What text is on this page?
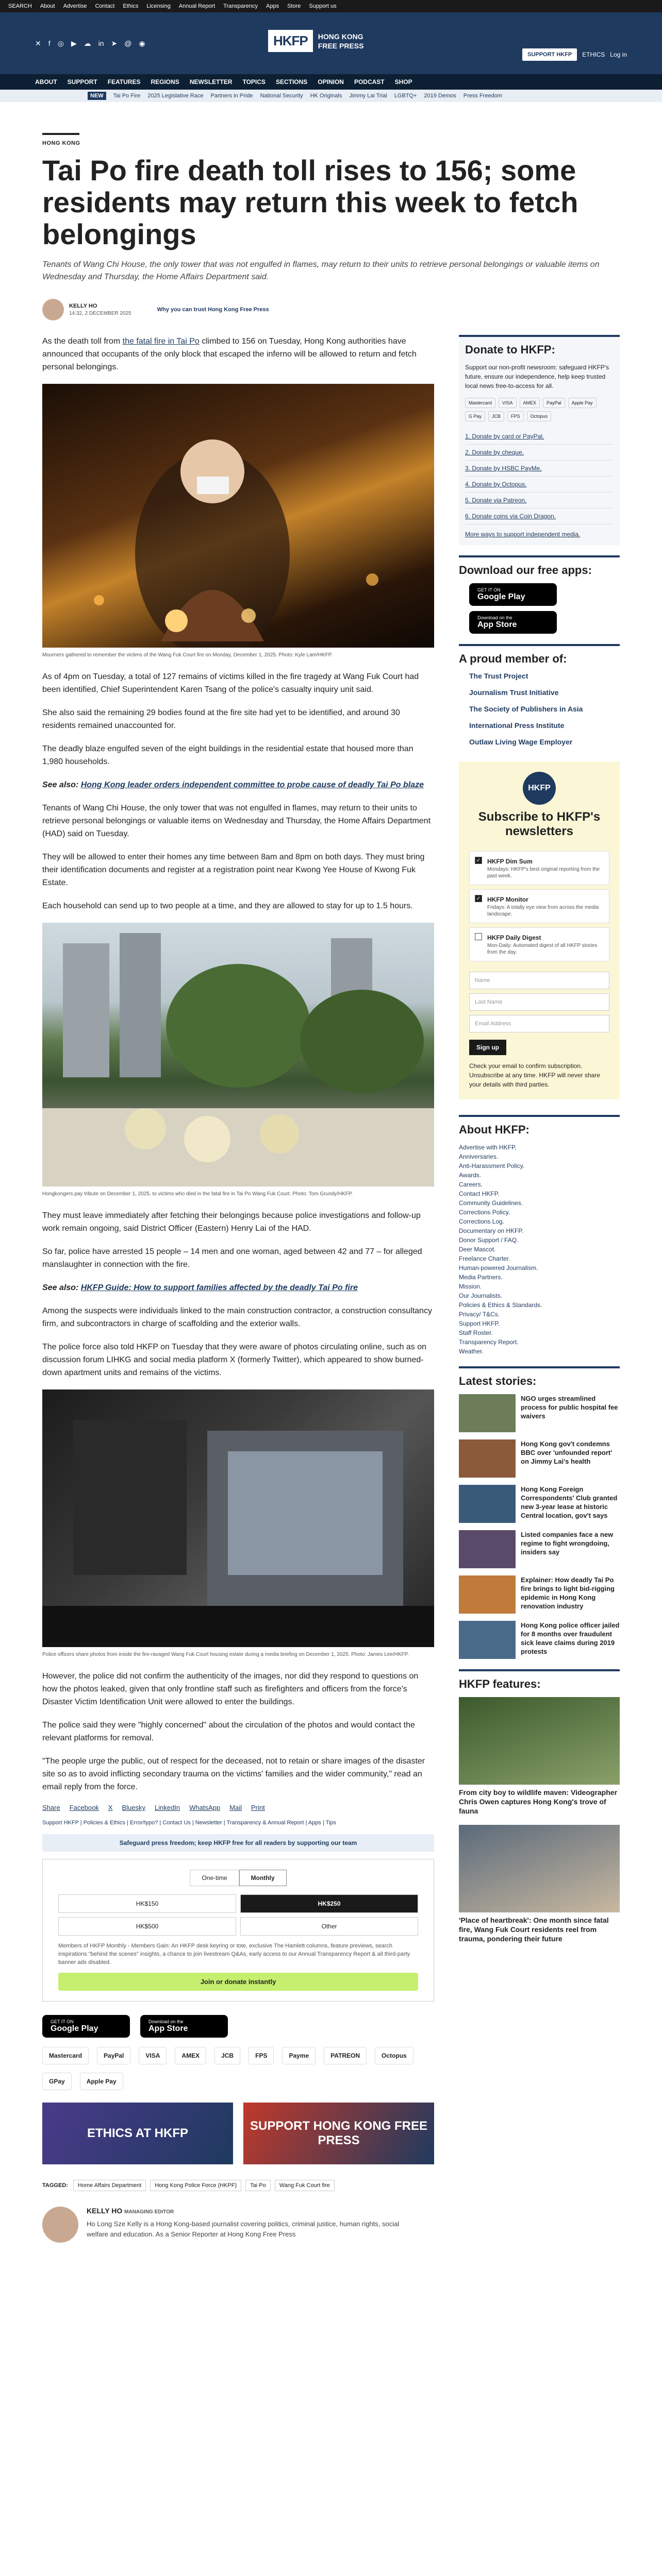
SEARCH About Advertise Contact Ethics Licensing Annual Report Transparency Apps Store Support us
✕ f ◎ ▶ ☁ in ➤ @ ◉	HKFP	HONG KONG
FREE PRESS
SUPPORT HKFP	ETHICS Log in
ABOUT SUPPORT FEATURES REGIONS NEWSLETTER TOPICS SECTIONS OPINION PODCAST SHOP
NEW	Tai Po Fire 2025 Legislative Race Partners in Pride National Security HK Originals Jimmy Lai Trial LGBTQ+ 2019 Demos Press Freedom
HONG KONG
Tai Po fire death toll rises to 156; some residents may return this week to fetch belongings
Tenants of Wang Chi House, the only tower that was not engulfed in flames, may return to their units to retrieve personal belongings or valuable items on Wednesday and Thursday, the Home Affairs Department said.
KELLY HO
14:32, 2 DECEMBER 2025
Why you can trust Hong Kong Free Press

As the death toll from the fatal fire in Tai Po climbed to 156 on Tuesday, Hong Kong authorities have announced that occupants of the only block that escaped the inferno will be allowed to return and fetch personal belongings.

Mourners gathered to remember the victims of the Wang Fuk Court fire on Monday, December 1, 2025. Photo: Kyle Lam/HKFP.

As of 4pm on Tuesday, a total of 127 remains of victims killed in the fire tragedy at Wang Fuk Court had been identified, Chief Superintendent Karen Tsang of the police's casualty inquiry unit said.

She also said the remaining 29 bodies found at the fire site had yet to be identified, and around 30 residents remained unaccounted for.

The deadly blaze engulfed seven of the eight buildings in the residential estate that housed more than 1,980 households.

See also: Hong Kong leader orders independent committee to probe cause of deadly Tai Po blaze

Tenants of Wang Chi House, the only tower that was not engulfed in flames, may return to their units to retrieve personal belongings or valuable items on Wednesday and Thursday, the Home Affairs Department (HAD) said on Tuesday.

They will be allowed to enter their homes any time between 8am and 8pm on both days. They must bring their identification documents and register at a registration point near Kwong Yee House of Kwong Fuk Estate.

Each household can send up to two people at a time, and they are allowed to stay for up to 1.5 hours.

Hongkongers pay tribute on December 1, 2025, to victims who died in the fatal fire in Tai Po Wang Fuk Court. Photo: Tom Grundy/HKFP.

They must leave immediately after fetching their belongings because police investigations and follow-up work remain ongoing, said District Officer (Eastern) Henry Lai of the HAD.

So far, police have arrested 15 people – 14 men and one woman, aged between 42 and 77 – for alleged manslaughter in connection with the fire.

See also: HKFP Guide: How to support families affected by the deadly Tai Po fire

Among the suspects were individuals linked to the main construction contractor, a construction consultancy firm, and subcontractors in charge of scaffolding and the exterior walls.

The police force also told HKFP on Tuesday that they were aware of photos circulating online, such as on discussion forum LIHKG and social media platform X (formerly Twitter), which appeared to show burned-down apartment units and remains of the victims.

Police officers share photos from inside the fire-ravaged Wang Fuk Court housing estate during a media briefing on December 1, 2025. Photo: James Lee/HKFP.

However, the police did not confirm the authenticity of the images, nor did they respond to questions on how the photos leaked, given that only frontline staff such as firefighters and officers from the force's Disaster Victim Identification Unit were allowed to enter the buildings.

The police said they were "highly concerned" about the circulation of the photos and would contact the relevant platforms for removal.

"The people urge the public, out of respect for the deceased, not to retain or share images of the disaster site so as to avoid inflicting secondary trauma on the victims' families and the wider community," read an email reply from the force.

Share Facebook X Bluesky LinkedIn WhatsApp Mail Print
Support HKFP | Policies & Ethics | Error/typo? | Contact Us | Newsletter | Transparency & Annual Report | Apps | Tips
Safeguard press freedom; keep HKFP free for all readers by supporting our team
One-time	Monthly
HK$150	HK$250
HK$500	Other
Members of HKFP Monthly - Members Gain: An HKFP desk keyring or tote, exclusive The Hamlett columns, feature previews, search inspirations "behind the scenes" insights, a chance to join livestream Q&As, early access to our Annual Transparency Report & all third-party banner ads disabled.
Join or donate instantly
GET IT ON
Google Play
Download on the
App Store
Mastercard	PayPal	VISA	AMEX	JCB	FPS	Payme	PATREON	Octopus
GPay	Apple Pay
ETHICS AT HKFP
SUPPORT HONG KONG FREE PRESS
TAGGED:	Home Affairs Department	Hong Kong Police Force (HKPF)	Tai Po	Wang Fuk Court fire
KELLY HO MANAGING EDITOR
Ho Long Sze Kelly is a Hong Kong-based journalist covering politics, criminal justice, human rights, social welfare and education. As a Senior Reporter at Hong Kong Free Press
Donate to HKFP:

Support our non-profit newsroom: safeguard HKFP's future, ensure our independence, help keep trusted local news free-to-access for all.

Mastercard	VISA	AMEX	PayPal	Apple Pay
G Pay	JCB	FPS	Octopus
1. Donate by card or PayPal.
2. Donate by cheque.
3. Donate by HSBC PayMe.
4. Donate by Octopus.
5. Donate via Patreon.
6. Donate coins via Coin Dragon.

More ways to support independent media.

Download our free apps:
GET IT ON
Google Play
Download on the
App Store
A proud member of:
The Trust Project
Journalism Trust Initiative
The Society of Publishers in Asia
International Press Institute
Outlaw Living Wage Employer
HKFP
Subscribe to HKFP's newsletters
✓ HKFP Dim Sum

Mondays: HKFP's best original reporting from the past week.

✓ HKFP Monitor

Fridays: A totally eye view from across the media landscape.

HKFP Daily Digest

Mon-Daily: Automated digest of all HKFP stories from the day.

Name
Last Name
Email Address
Sign up

Check your email to confirm subscription. Unsubscribe at any time. HKFP will never share your details with third parties.

About HKFP:
Advertise with HKFP.
Anniversaries.
Anti-Harassment Policy.
Awards.
Careers.
Contact HKFP.
Community Guidelines.
Corrections Policy.
Corrections Log.
Documentary on HKFP.
Donor Support / FAQ.
Deer Mascot.
Freelance Charter.
Human-powered Journalism.
Media Partners.
Mission.
Our Journalists.
Policies & Ethics & Standards.
Privacy/ T&Cs.
Support HKFP.
Staff Roster.
Transparency Report.
Weather.
Latest stories:
NGO urges streamlined process for public hospital fee waivers
Hong Kong gov't condemns BBC over 'unfounded report' on Jimmy Lai's health
Hong Kong Foreign Correspondents' Club granted new 3-year lease at historic Central location, gov't says
Listed companies face a new regime to fight wrongdoing, insiders say
Explainer: How deadly Tai Po fire brings to light bid-rigging epidemic in Hong Kong renovation industry
Hong Kong police officer jailed for 8 months over fraudulent sick leave claims during 2019 protests
HKFP features:
From city boy to wildlife maven: Videographer Chris Owen captures Hong Kong's trove of fauna
'Place of heartbreak': One month since fatal fire, Wang Fuk Court residents reel from trauma, pondering their future
